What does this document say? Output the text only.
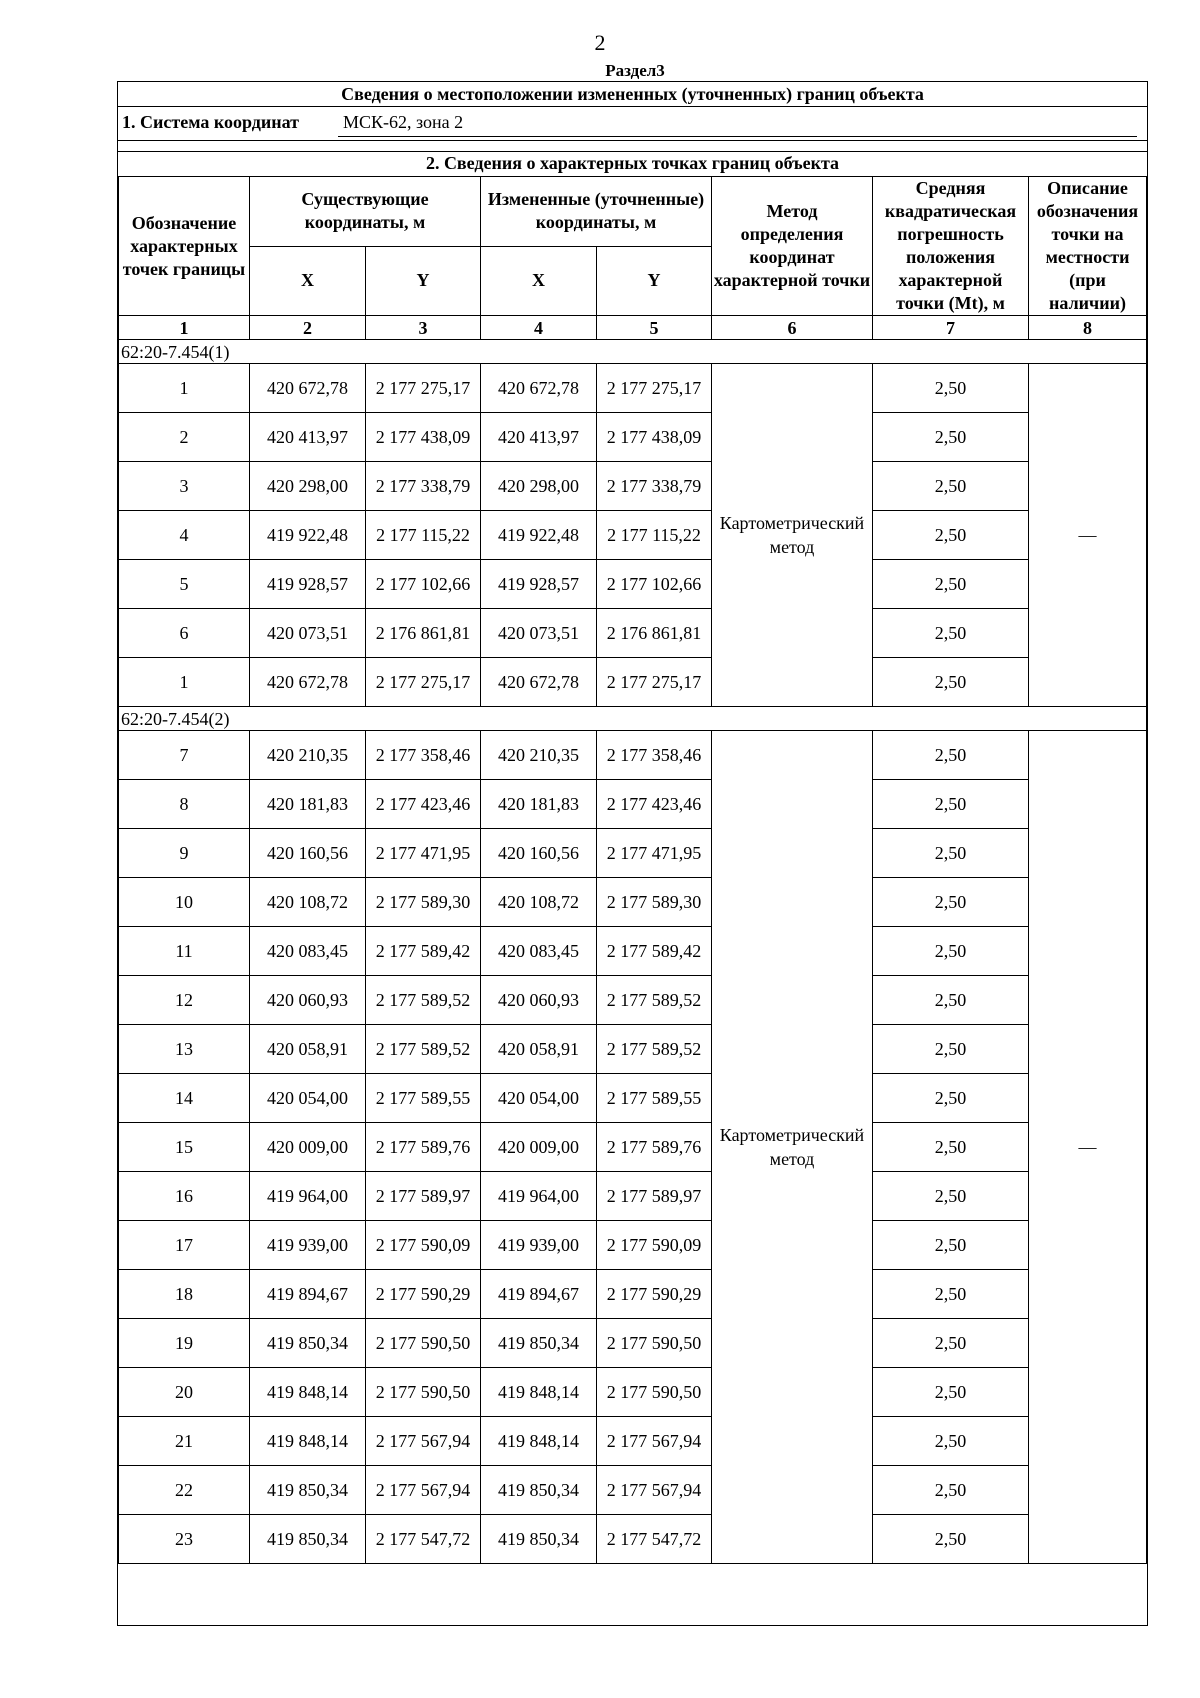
2
Раздел3
Сведения о местоположении измененных (уточненных) границ объекта
1. Система координат МСК-62, зона 2
2. Сведения о характерных точках границ объекта
Обозначение характерных точек границы	Существующие координаты, м		Измененные (уточненные) координаты, м		Метод определения координат характерной точки	Средняя квадратическая погрешность положения характерной точки (Mt), м	Описание обозначения точки на местности (при наличии)
	X	Y	X	Y			
1	2	3	4	5	6	7	8
62:20-7.454(1)							
1	420 672,78	2 177 275,17	420 672,78	2 177 275,17	Картометрический метод	2,50	—
2	420 413,97	2 177 438,09	420 413,97	2 177 438,09		2,50	
3	420 298,00	2 177 338,79	420 298,00	2 177 338,79		2,50	
4	419 922,48	2 177 115,22	419 922,48	2 177 115,22		2,50	
5	419 928,57	2 177 102,66	419 928,57	2 177 102,66		2,50	
6	420 073,51	2 176 861,81	420 073,51	2 176 861,81		2,50	
1	420 672,78	2 177 275,17	420 672,78	2 177 275,17		2,50	
62:20-7.454(2)							
7	420 210,35	2 177 358,46	420 210,35	2 177 358,46	Картометрический метод	2,50	—
8	420 181,83	2 177 423,46	420 181,83	2 177 423,46		2,50	
9	420 160,56	2 177 471,95	420 160,56	2 177 471,95		2,50	
10	420 108,72	2 177 589,30	420 108,72	2 177 589,30		2,50	
11	420 083,45	2 177 589,42	420 083,45	2 177 589,42		2,50	
12	420 060,93	2 177 589,52	420 060,93	2 177 589,52		2,50	
13	420 058,91	2 177 589,52	420 058,91	2 177 589,52		2,50	
14	420 054,00	2 177 589,55	420 054,00	2 177 589,55		2,50	
15	420 009,00	2 177 589,76	420 009,00	2 177 589,76		2,50	
16	419 964,00	2 177 589,97	419 964,00	2 177 589,97		2,50	
17	419 939,00	2 177 590,09	419 939,00	2 177 590,09		2,50	
18	419 894,67	2 177 590,29	419 894,67	2 177 590,29		2,50	
19	419 850,34	2 177 590,50	419 850,34	2 177 590,50		2,50	
20	419 848,14	2 177 590,50	419 848,14	2 177 590,50		2,50	
21	419 848,14	2 177 567,94	419 848,14	2 177 567,94		2,50	
22	419 850,34	2 177 567,94	419 850,34	2 177 567,94		2,50	
23	419 850,34	2 177 547,72	419 850,34	2 177 547,72		2,50	
